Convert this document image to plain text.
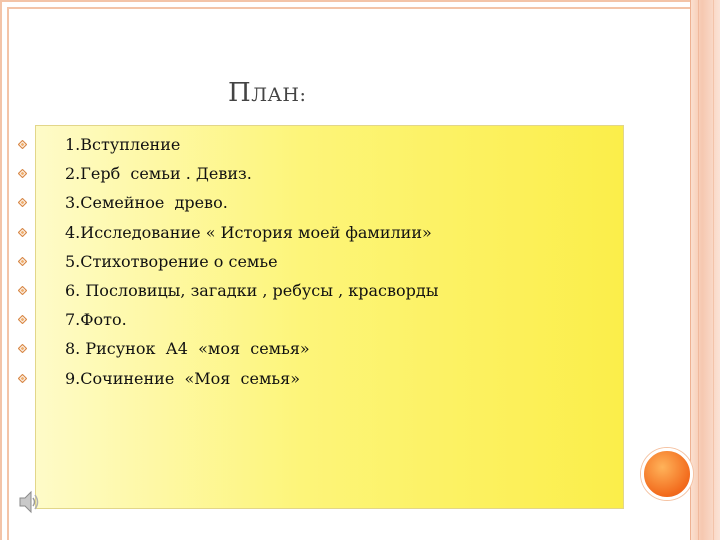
ПЛАН:
1.Вступление
2.Герб  семьи . Девиз.
3.Семейное  древо.
4.Исследование « История моей фамилии»
5.Стихотворение о семье
6. Пословицы, загадки , ребусы , красворды
7.Фото.
8. Рисунок  А4  «моя  семья»
9.Сочинение  «Моя  семья»
